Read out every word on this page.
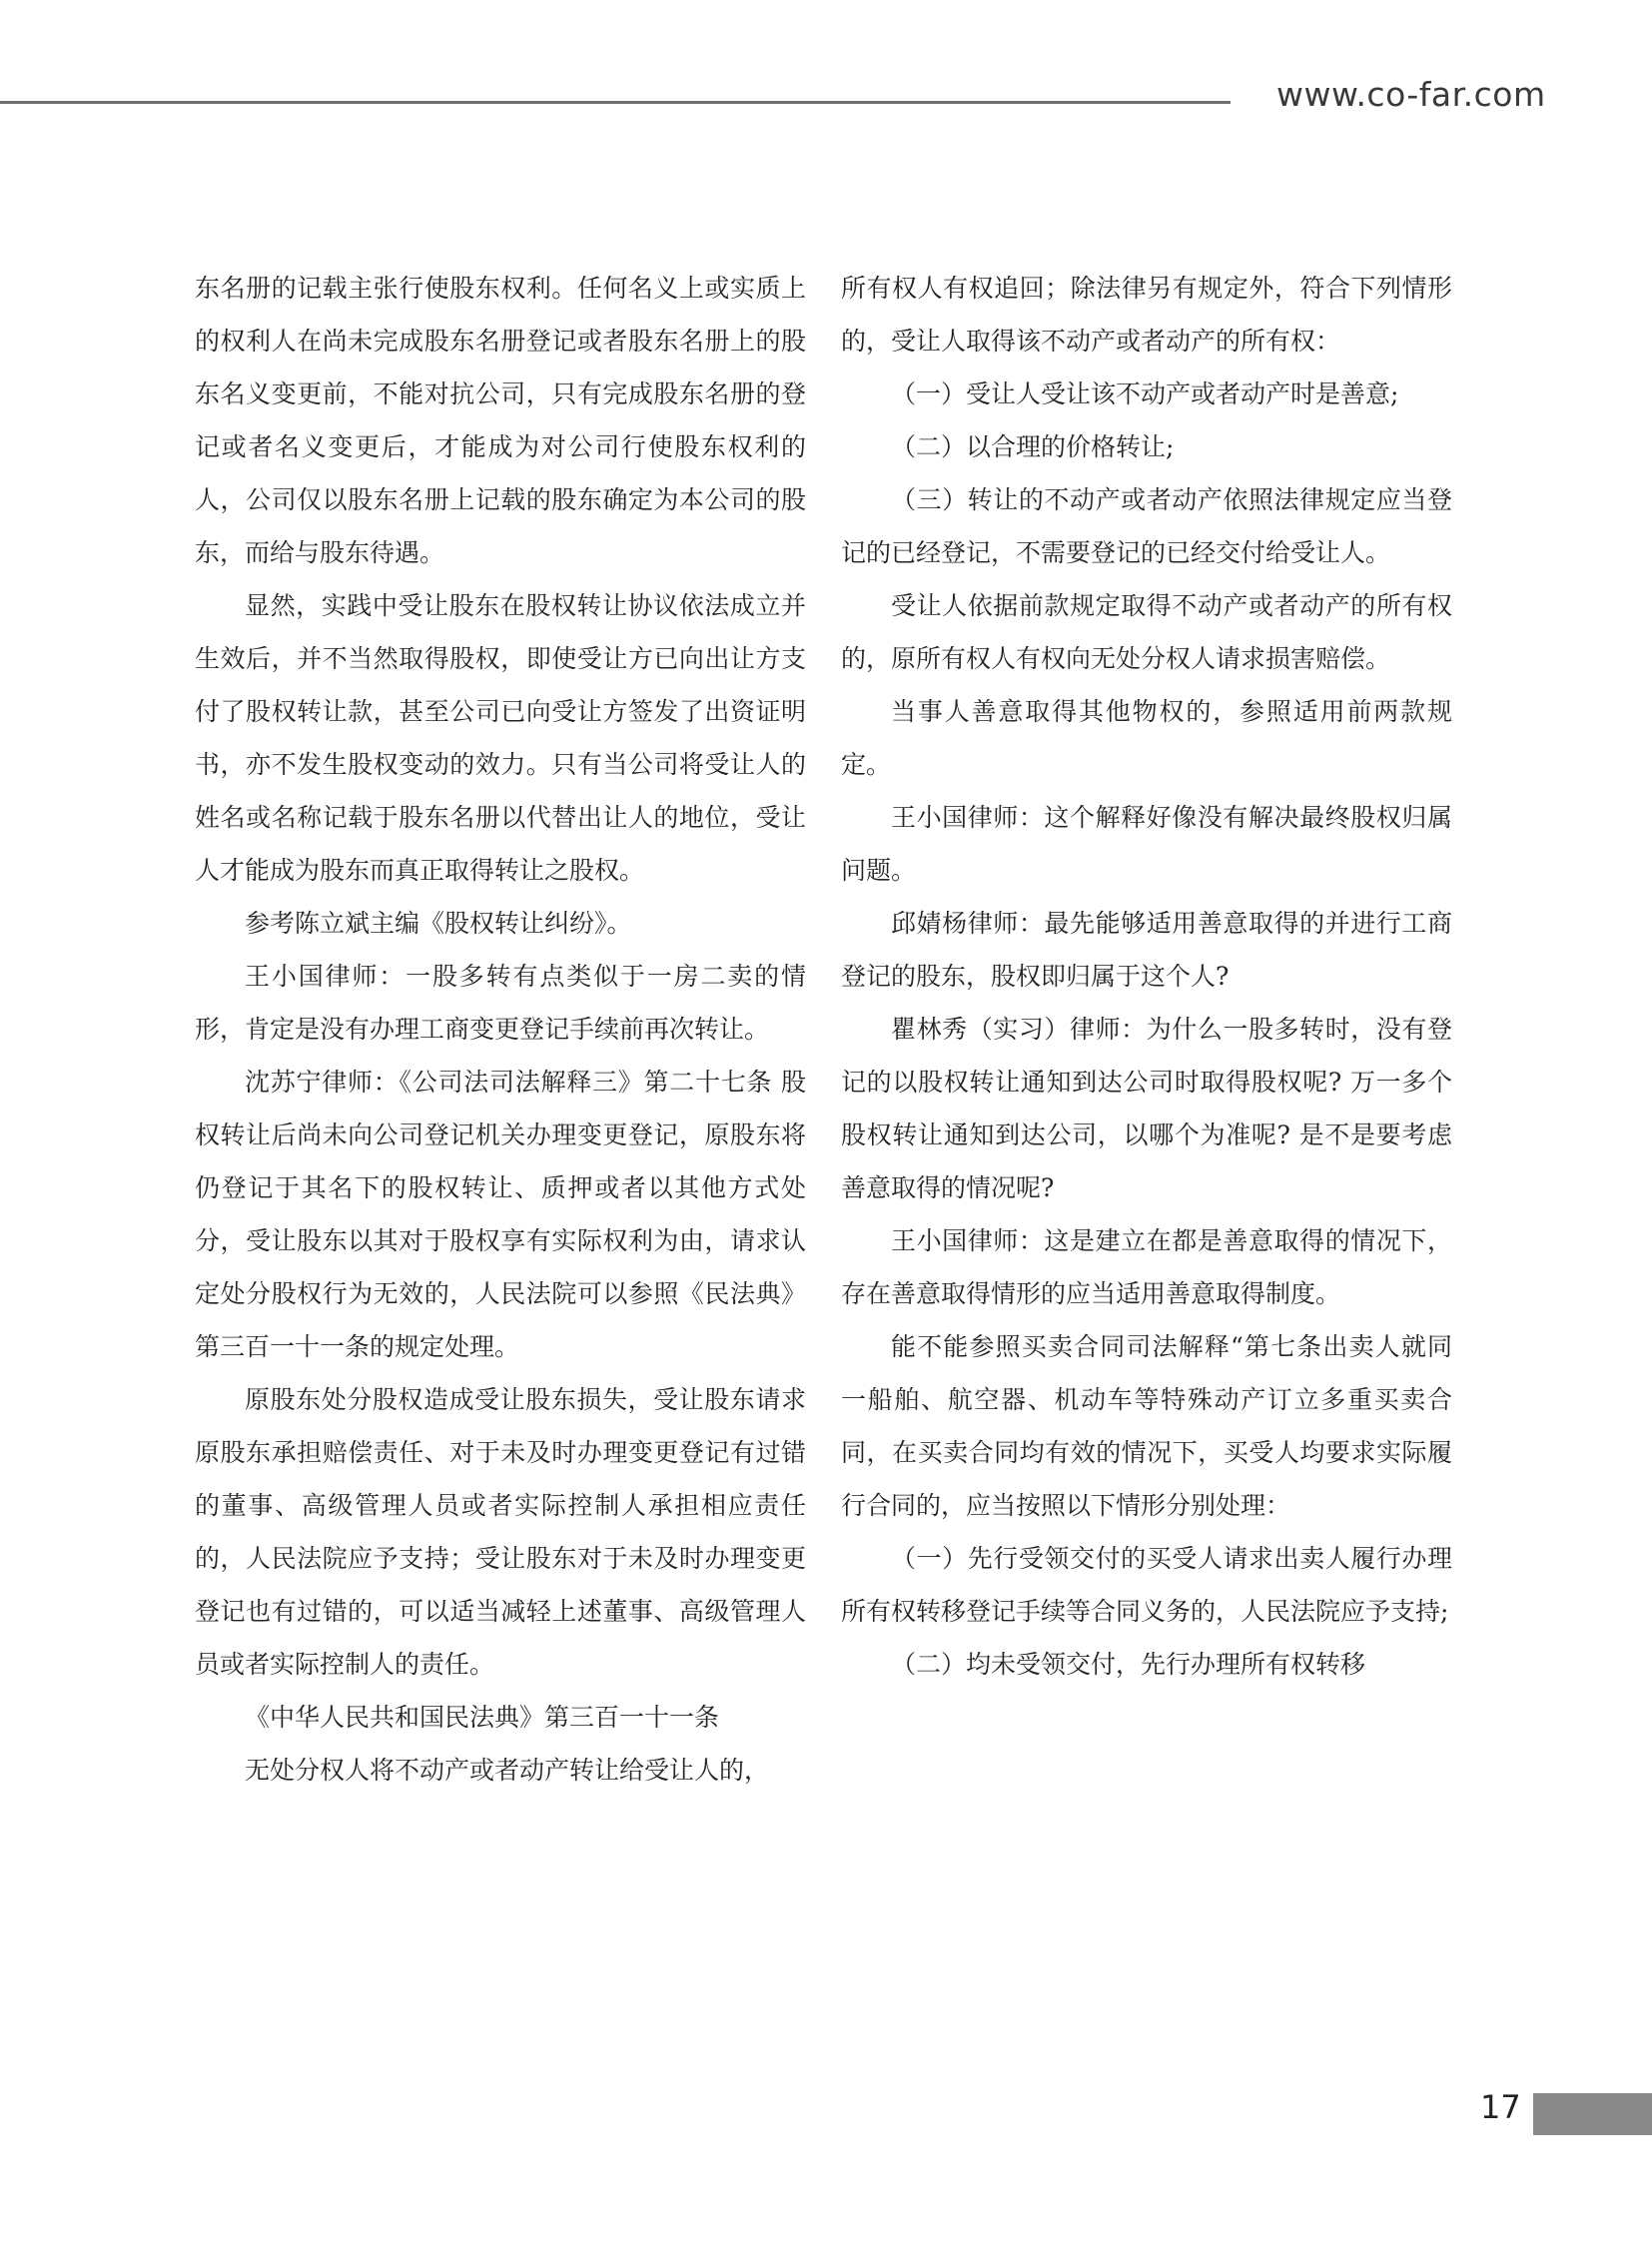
www.co-far.com

东名册的记载主张行使股东权利。任何名义上或实质上的权利人在尚未完成股东名册登记或者股东名册上的股东名义变更前，不能对抗公司，只有完成股东名册的登记或者名义变更后，才能成为对公司行使股东权利的人，公司仅以股东名册上记载的股东确定为本公司的股东，而给与股东待遇。

显然，实践中受让股东在股权转让协议依法成立并生效后，并不当然取得股权，即使受让方已向出让方支付了股权转让款，甚至公司已向受让方签发了出资证明书，亦不发生股权变动的效力。只有当公司将受让人的姓名或名称记载于股东名册以代替出让人的地位，受让人才能成为股东而真正取得转让之股权。

参考陈立斌主编《股权转让纠纷》。

王小国律师：一股多转有点类似于一房二卖的情形，肯定是没有办理工商变更登记手续前再次转让。

沈苏宁律师：《公司法司法解释三》第二十七条 股权转让后尚未向公司登记机关办理变更登记，原股东将仍登记于其名下的股权转让、质押或者以其他方式处分，受让股东以其对于股权享有实际权利为由，请求认定处分股权行为无效的，人民法院可以参照《民法典》第三百一十一条的规定处理。

原股东处分股权造成受让股东损失，受让股东请求原股东承担赔偿责任、对于未及时办理变更登记有过错的董事、高级管理人员或者实际控制人承担相应责任的，人民法院应予支持；受让股东对于未及时办理变更登记也有过错的，可以适当减轻上述董事、高级管理人员或者实际控制人的责任。

《中华人民共和国民法典》第三百一十一条

无处分权人将不动产或者动产转让给受让人的，

所有权人有权追回；除法律另有规定外，符合下列情形的，受让人取得该不动产或者动产的所有权：

（一）受让人受让该不动产或者动产时是善意;

（二）以合理的价格转让;

（三）转让的不动产或者动产依照法律规定应当登记的已经登记，不需要登记的已经交付给受让人。

受让人依据前款规定取得不动产或者动产的所有权的，原所有权人有权向无处分权人请求损害赔偿。

当事人善意取得其他物权的，参照适用前两款规定。

王小国律师：这个解释好像没有解决最终股权归属问题。

邱婧杨律师：最先能够适用善意取得的并进行工商登记的股东，股权即归属于这个人?

瞿林秀（实习）律师：为什么一股多转时，没有登记的以股权转让通知到达公司时取得股权呢? 万一多个股权转让通知到达公司，以哪个为准呢? 是不是要考虑善意取得的情况呢?

王小国律师：这是建立在都是善意取得的情况下，存在善意取得情形的应当适用善意取得制度。

能不能参照买卖合同司法解释“第七条出卖人就同一船舶、航空器、机动车等特殊动产订立多重买卖合同，在买卖合同均有效的情况下，买受人均要求实际履行合同的，应当按照以下情形分别处理：

（一）先行受领交付的买受人请求出卖人履行办理所有权转移登记手续等合同义务的，人民法院应予支持;

（二）均未受领交付，先行办理所有权转移

17
